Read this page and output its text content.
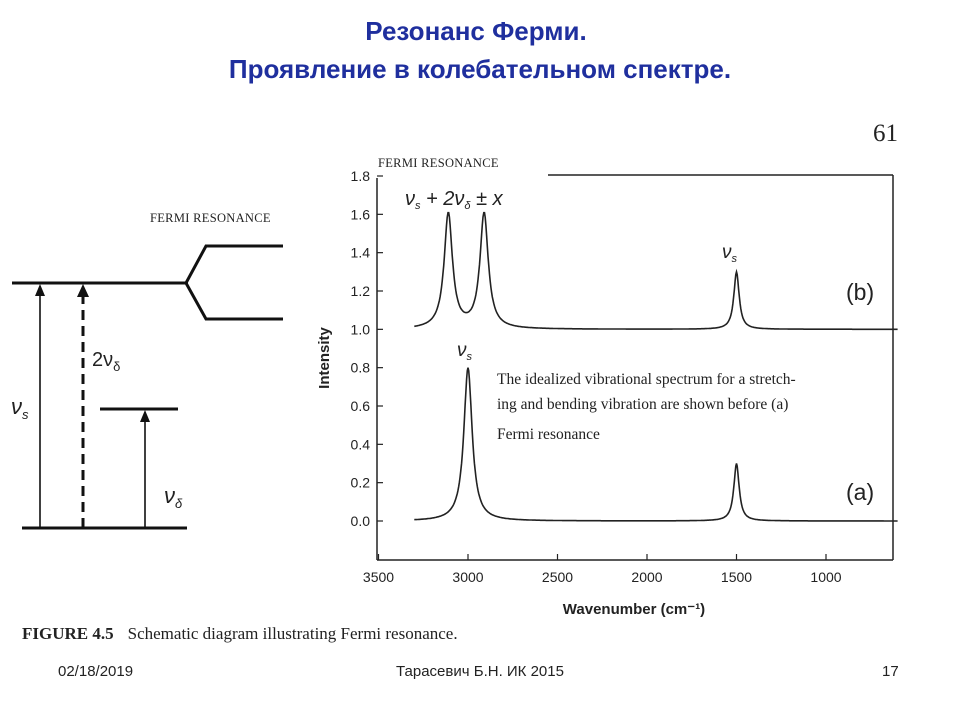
Резонанс Ферми.
Проявление в колебательном спектре.
61
FERMI RESONANCE
$\nu_s$
$2\nu_\delta$
$\nu_\delta$
FERMI RESONANCE
0.0
0.2
0.4
0.6
0.8
1.0
1.2
1.4
1.6
1.8
3500	3000	2500	2000	1500	1000
Intensity
Wavenumber (cm⁻¹)
(b)
(a)
$\nu_s + 2\nu_\delta \pm x$
$\nu_s$
$\nu_s$
The idealized vibrational spectrum for a stretch-
ing and bending vibration are shown before (a)
Fermi resonance
FIGURE 4.5 Schematic diagram illustrating Fermi resonance.
02/18/2019	Тарасевич Б.Н. ИК 2015	17
